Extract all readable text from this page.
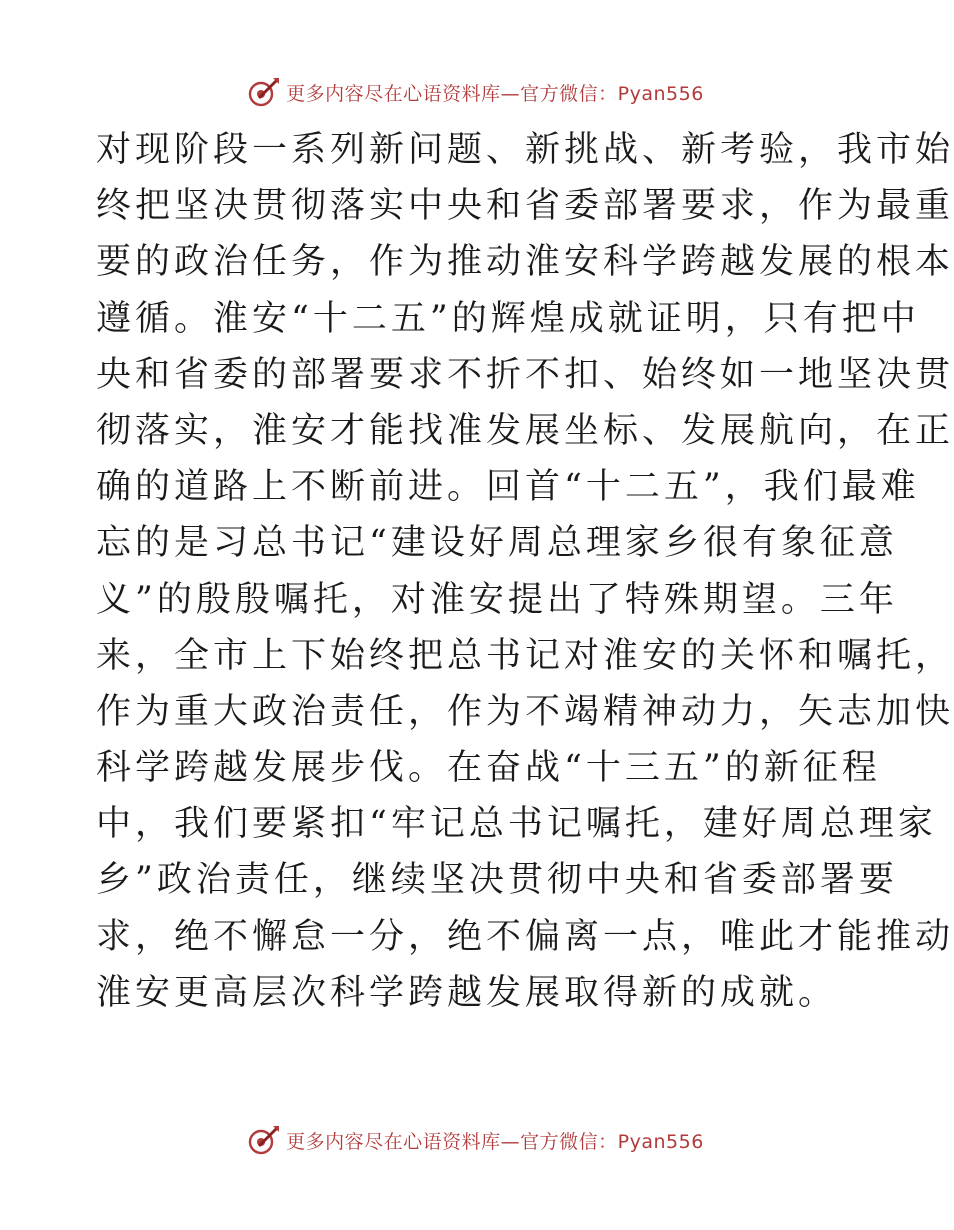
更多内容尽在心语资料库—官方微信：Pyan556
对现阶段一系列新问题、新挑战、新考验，我市始
终把坚决贯彻落实中央和省委部署要求，作为最重
要的政治任务，作为推动淮安科学跨越发展的根本
遵循。淮安“十二五”的辉煌成就证明，只有把中
央和省委的部署要求不折不扣、始终如一地坚决贯
彻落实，淮安才能找准发展坐标、发展航向，在正
确的道路上不断前进。回首“十二五”，我们最难
忘的是习总书记“建设好周总理家乡很有象征意
义”的殷殷嘱托，对淮安提出了特殊期望。三年
来，全市上下始终把总书记对淮安的关怀和嘱托，
作为重大政治责任，作为不竭精神动力，矢志加快
科学跨越发展步伐。在奋战“十三五”的新征程
中，我们要紧扣“牢记总书记嘱托，建好周总理家
乡”政治责任，继续坚决贯彻中央和省委部署要
求，绝不懈怠一分，绝不偏离一点，唯此才能推动
淮安更高层次科学跨越发展取得新的成就。
更多内容尽在心语资料库—官方微信：Pyan556
